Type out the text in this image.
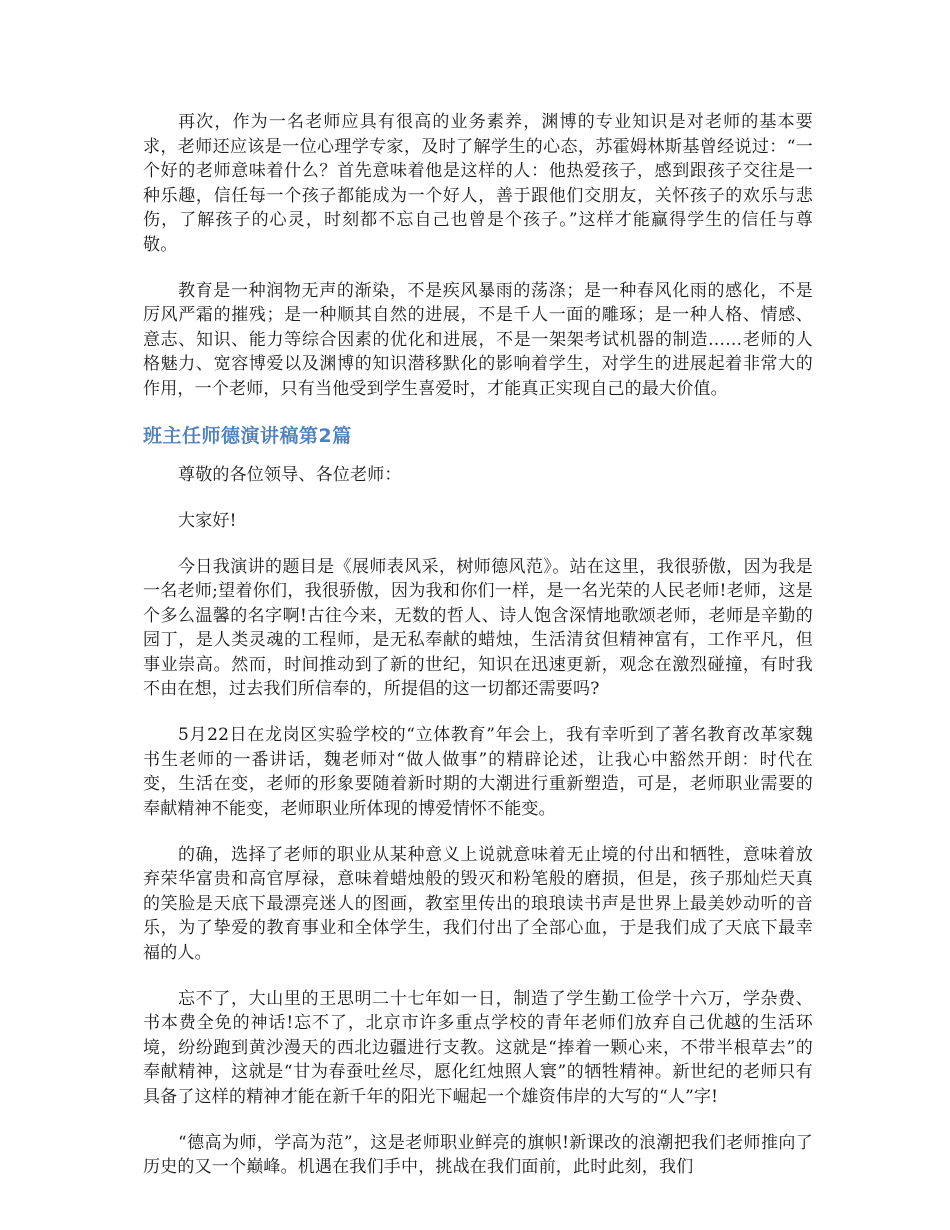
再次，作为一名老师应具有很高的业务素养，渊博的专业知识是对老师的基本要求，老师还应该是一位心理学专家，及时了解学生的心态，苏霍姆林斯基曾经说过：“一个好的老师意味着什么？首先意味着他是这样的人：他热爱孩子，感到跟孩子交往是一种乐趣，信任每一个孩子都能成为一个好人，善于跟他们交朋友，关怀孩子的欢乐与悲伤，了解孩子的心灵，时刻都不忘自己也曾是个孩子。”这样才能赢得学生的信任与尊敬。

教育是一种润物无声的渐染，不是疾风暴雨的荡涤；是一种春风化雨的感化，不是厉风严霜的摧残；是一种顺其自然的进展，不是千人一面的雕琢；是一种人格、情感、意志、知识、能力等综合因素的优化和进展，不是一架架考试机器的制造……老师的人格魅力、宽容博爱以及渊博的知识潜移默化的影响着学生，对学生的进展起着非常大的作用，一个老师，只有当他受到学生喜爱时，才能真正实现自己的最大价值。

班主任师德演讲稿第2篇

尊敬的各位领导、各位老师：

大家好!

今日我演讲的题目是《展师表风采，树师德风范》。站在这里，我很骄傲，因为我是一名老师;望着你们，我很骄傲，因为我和你们一样，是一名光荣的人民老师!老师，这是个多么温馨的名字啊!古往今来，无数的哲人、诗人饱含深情地歌颂老师，老师是辛勤的园丁，是人类灵魂的工程师，是无私奉献的蜡烛，生活清贫但精神富有，工作平凡，但事业崇高。然而，时间推动到了新的世纪，知识在迅速更新，观念在激烈碰撞，有时我不由在想，过去我们所信奉的，所提倡的这一切都还需要吗?

5月22日在龙岗区实验学校的“立体教育”年会上，我有幸听到了著名教育改革家魏书生老师的一番讲话，魏老师对“做人做事”的精辟论述，让我心中豁然开朗：时代在变，生活在变，老师的形象要随着新时期的大潮进行重新塑造，可是，老师职业需要的奉献精神不能变，老师职业所体现的博爱情怀不能变。

的确，选择了老师的职业从某种意义上说就意味着无止境的付出和牺牲，意味着放弃荣华富贵和高官厚禄，意味着蜡烛般的毁灭和粉笔般的磨损，但是，孩子那灿烂天真的笑脸是天底下最漂亮迷人的图画，教室里传出的琅琅读书声是世界上最美妙动听的音乐，为了挚爱的教育事业和全体学生，我们付出了全部心血，于是我们成了天底下最幸福的人。

忘不了，大山里的王思明二十七年如一日，制造了学生勤工俭学十六万，学杂费、书本费全免的神话!忘不了，北京市许多重点学校的青年老师们放弃自己优越的生活环境，纷纷跑到黄沙漫天的西北边疆进行支教。这就是“捧着一颗心来，不带半根草去”的奉献精神，这就是“甘为春蚕吐丝尽，愿化红烛照人寰”的牺牲精神。新世纪的老师只有具备了这样的精神才能在新千年的阳光下崛起一个雄资伟岸的大写的“人”字!

“德高为师，学高为范”，这是老师职业鲜亮的旗帜!新课改的浪潮把我们老师推向了历史的又一个巅峰。机遇在我们手中，挑战在我们面前，此时此刻，我们
